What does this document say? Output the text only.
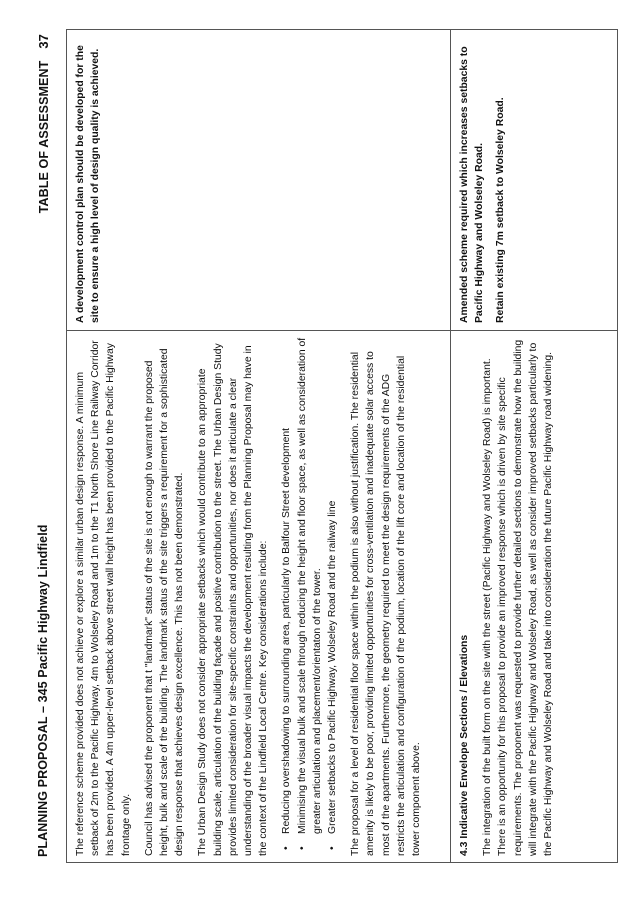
PLANNING PROPOSAL – 345 Pacific Highway Lindfield
TABLE OF ASSESSMENT37

The reference scheme provided does not achieve or explore a similar urban design response. A minimum setback of 2m to the Pacific Highway, 4m to Wolseley Road and 1m to the T1 North Shore Line Railway Corridor has been provided. A 4m upper-level setback above street wall height has been provided to the Pacific Highway frontage only. Council has advised the proponent that t "landmark" status of the site is not enough to warrant the proposed height, bulk and scale of the building. The landmark status of the site triggers a requirement for a sophisticated design response that achieves design excellence. This has not been demonstrated. The Urban Design Study does not consider appropriate setbacks which would contribute to an appropriate building scale, articulation of the building façade and positive contribution to the street. The Urban Design Study provides limited consideration for site-specific constraints and opportunities, nor does it articulate a clear understanding of the broader visual impacts the development resulting from the Planning Proposal may have in the context of the Lindfield Local Centre. Key considerations include: • Reducing overshadowing to surrounding area, particularly to Balfour Street development • Minimising the visual bulk and scale through reducing the height and floor space, as well as consideration of greater articulation and placement/orientaton of the tower. • Greater setbacks to Pacific Highway, Wolseley Road and the railway line The proposal for a level of residential floor space within the podium is also without justification. The residential amenity is likely to be poor, providing limited opportunities for cross-ventilation and inadequate solar access to most of the apartments. Furthermore, the geometry required to meet the design requirements of the ADG restricts the articulation and configuration of the podium, location of the lift core and location of the residential tower component above.

A development control plan should be developed for the site to ensure a high level of design quality is achieved.

4.3 Indicative Envelope Sections / Elevations The integration of the built form on the site with the street (Pacific Highway and Wolseley Road) is important. There is an opportunity for this proposal to provide an improved response which is driven by site specific requirements. The proponent was requested to provide further detailed sections to demonstrate how the building will integrate with the Pacific Highway and Wolseley Road, as well as consider improved setbacks particularly to the Pacific Highway and Wolseley Road and take into consideration the future Pacific Highway road widening.

Amended scheme required which increases setbacks to Pacific Highway and Wolseley Road. Retain existing 7m setback to Wolseley Road.
